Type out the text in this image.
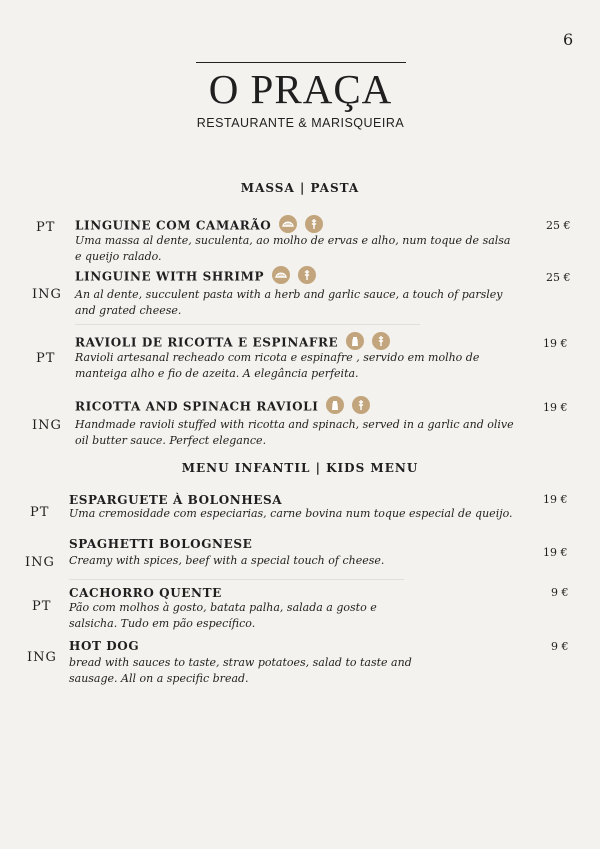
6
O PRAÇA
RESTAURANTE & MARISQUEIRA
MASSA | PASTA
PT LINGUINE COM CAMARÃO
	25 €
Uma massa al dente, suculenta, ao molho de ervas e alho, num toque de salsa e queijo ralado.
ING
LINGUINE WITH SHRIMP
	25 €
An al dente, succulent pasta with a herb and garlic sauce, a touch of parsley and grated cheese.
PT
RAVIOLI DE RICOTTA E ESPINAFRE
	19 €
Ravioli artesanal recheado com ricota e espinafre , servido em molho de manteiga alho e fio de azeita. A elegância perfeita.
ING
RICOTTA AND SPINACH RAVIOLI
	19 €
Handmade ravioli stuffed with ricotta and spinach, served in a garlic and olive oil butter sauce. Perfect elegance.
MENU INFANTIL | KIDS MENU
PT
ESPARGUETE À BOLONHESA	19 €
Uma cremosidade com especiarias, carne bovina num toque especial de queijo.
ING
SPAGHETTI BOLOGNESE
19 €
Creamy with spices, beef with a special touch of cheese.
PT
CACHORRO QUENTE	9 €
Pão com molhos à gosto, batata palha, salada a gosto e salsicha. Tudo em pão específico.
ING
HOT DOG	9 €
bread with sauces to taste, straw potatoes, salad to taste and sausage. All on a specific bread.
